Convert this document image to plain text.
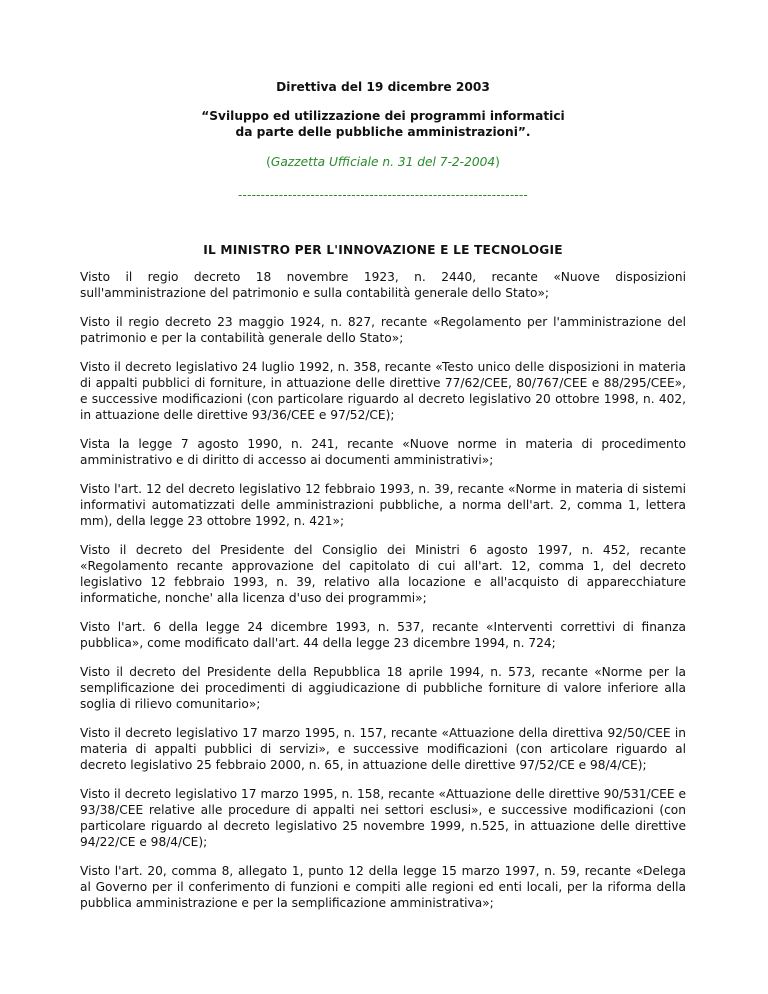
Direttiva del 19 dicembre 2003

“Sviluppo ed utilizzazione dei programmi informatici
da parte delle pubbliche amministrazioni”.

(Gazzetta Ufficiale n. 31 del 7-2-2004)

----------------------------------------------------------------

IL MINISTRO PER L'INNOVAZIONE E LE TECNOLOGIE

Visto il regio decreto 18 novembre 1923, n. 2440, recante «Nuove disposizioni sull'amministrazione del patrimonio e sulla contabilità generale dello Stato»;

Visto il regio decreto 23 maggio 1924, n. 827, recante «Regolamento per l'amministrazione del patrimonio e per la contabilità generale dello Stato»;

Visto il decreto legislativo 24 luglio 1992, n. 358, recante «Testo unico delle disposizioni in materia di appalti pubblici di forniture, in attuazione delle direttive 77/62/CEE, 80/767/CEE e 88/295/CEE», e successive modificazioni (con particolare riguardo al decreto legislativo 20 ottobre 1998, n. 402, in attuazione delle direttive 93/36/CEE e 97/52/CE);

Vista la legge 7 agosto 1990, n. 241, recante «Nuove norme in materia di procedimento amministrativo e di diritto di accesso ai documenti amministrativi»;

Visto l'art. 12 del decreto legislativo 12 febbraio 1993, n. 39, recante «Norme in materia di sistemi informativi automatizzati delle amministrazioni pubbliche, a norma dell'art. 2, comma 1, lettera mm), della legge 23 ottobre 1992, n. 421»;

Visto il decreto del Presidente del Consiglio dei Ministri 6 agosto 1997, n. 452, recante «Regolamento recante approvazione del capitolato di cui all'art. 12, comma 1, del decreto legislativo 12 febbraio 1993, n. 39, relativo alla locazione e all'acquisto di apparecchiature informatiche, nonche' alla licenza d'uso dei programmi»;

Visto l'art. 6 della legge 24 dicembre 1993, n. 537, recante «Interventi correttivi di finanza pubblica», come modificato dall'art. 44 della legge 23 dicembre 1994, n. 724;

Visto il decreto del Presidente della Repubblica 18 aprile 1994, n. 573, recante «Norme per la semplificazione dei procedimenti di aggiudicazione di pubbliche forniture di valore inferiore alla soglia di rilievo comunitario»;

Visto il decreto legislativo 17 marzo 1995, n. 157, recante «Attuazione della direttiva 92/50/CEE in materia di appalti pubblici di servizi», e successive modificazioni (con articolare riguardo al decreto legislativo 25 febbraio 2000, n. 65, in attuazione delle direttive 97/52/CE e 98/4/CE);

Visto il decreto legislativo 17 marzo 1995, n. 158, recante «Attuazione delle direttive 90/531/CEE e 93/38/CEE relative alle procedure di appalti nei settori esclusi», e successive modificazioni (con particolare riguardo al decreto legislativo 25 novembre 1999, n.525, in attuazione delle direttive 94/22/CE e 98/4/CE);

Visto l'art. 20, comma 8, allegato 1, punto 12 della legge 15 marzo 1997, n. 59, recante «Delega al Governo per il conferimento di funzioni e compiti alle regioni ed enti locali, per la riforma della pubblica amministrazione e per la semplificazione amministrativa»;
